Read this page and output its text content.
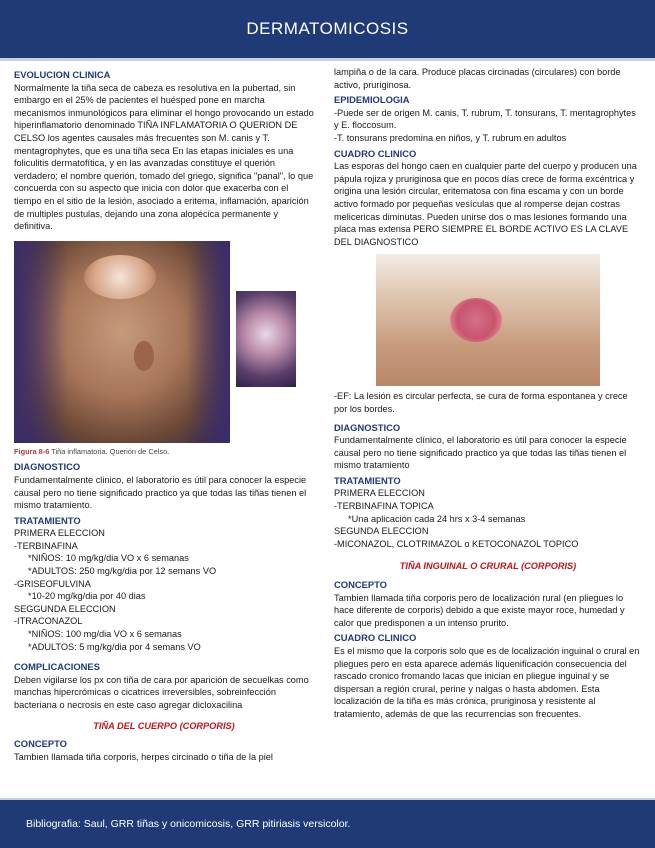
DERMATOMICOSIS
EVOLUCION CLINICA

Normalmente la tiña seca de cabeza es resolutiva en la pubertad, sin embargo en el 25% de pacientes el huésped pone en marcha mecanismos inmunológicos para eliminar el hongo provocando un estado hiperinflamatorio denominado TIÑA INFLAMATORIA O QUERION DE CELSO los agentes causales más frecuentes son M. canis y T. mentagrophytes, que es una tiña seca En las etapas iniciales es una foliculitis dermatofítica, y en las avanzadas constituye el querión verdadero; el nombre querión, tomado del griego, significa "panal", lo que concuerda con su aspecto que inicia con dolor que exacerba con el tiempo en el sitio de la lesión, asociado a eritema, inflamación, aparición de multiples pustulas, dejando una zona alopécica permanente y definitiva.

Figura 8-6 Tiña inflamatoria. Querión de Celso.
DIAGNOSTICO

Fundamentalmente clinico, el laboratorio es útil para conocer la especie causal pero no tiene significado practico ya que todas las tiñas tienen el mismo tratamiento.

TRATAMIENTO
PRIMERA ELECCION
-TERBINAFINA
*NIÑOS: 10 mg/kg/dia VO x 6 semanas
*ADULTOS: 250 mg/kg/dia por 12 semans VO
-GRISEOFULVINA
*10-20 mg/kg/dia por 40 dias
SEGGUNDA ELECCION
-ITRACONAZOL
*NIÑOS: 100 mg/dia VO x 6 semanas
*ADULTOS: 5 mg/kg/dia por 4 semans VO
COMPLICACIONES

Deben vigilarse los px con tiña de cara por aparición de secuelkas como manchas hipercrómicas o cicatrices irreversibles, sobreinfección bacteriana o necrosis en este caso agregar dicloxacilina

TIÑA DEL CUERPO (CORPORIS)
CONCEPTO

Tambien llamada tiña corporis, herpes circinado o tiña de la piel

lampiña o de la cara. Produce placas circinadas (circulares) con borde activo, pruriginosa.

EPIDEMIOLOGIA

-Puede ser de origen M. canis, T. rubrum, T. tonsurans, T. mentagrophytes y E. floccosum.

-T. tonsurans predomina en niños, y T. rubrum en adultos

CUADRO CLINICO

Las esporas del hongo caen en cualquier parte del cuerpo y producen una pápula rojiza y pruriginosa que en pocos días crece de forma excéntrica y origina una lesión circular, eritematosa con fina escama y con un borde activo formado por pequeñas vesículas que al romperse dejan costras melicericas diminutas. Pueden unirse dos o mas lesiones formando una placa mas extensa PERO SIEMPRE EL BORDE ACTIVO ES LA CLAVE DEL DIAGNOSTICO

-EF: La lesión es circular perfecta, se cura de forma espontanea y crece por los bordes.

DIAGNOSTICO

Fundamentalmente clínico, el laboratorio es útil para conocer la especie causal pero no tiene significado practico ya que todas las tiñas tienen el mismo tratamiento

TRATAMIENTO
PRIMERA ELECCION
-TERBINAFINA TOPICA
*Una aplicación cada 24 hrs x 3-4 semanas
SEGUNDA ELECCION
-MICONAZOL, CLOTRIMAZOL o KETOCONAZOL TOPICO
TIÑA INGUINAL O CRURAL (CORPORIS)
CONCEPTO

Tambien llamada tiña corporis pero de localización rural (en pliegues lo hace diferente de corporis) debido a que existe mayor roce, humedad y calor que predisponen a un intenso prurito.

CUADRO CLINICO

Es el mismo que la corporis solo que es de localización inguinal o crural en pliegues pero en esta aparece además liquenificación consecuencia del rascado cronico fromando lacas que inician en pliegue inguinal y se dispersan a región crural, perine y nalgas o hasta abdomen. Esta localización de la tiña es más crónica, pruriginosa y resistente al tratamiento, además de que las recurrencias son frecuentes.

Bibliografia: Saul, GRR tiñas y onicomicosis, GRR pitiriasis versicolor.
